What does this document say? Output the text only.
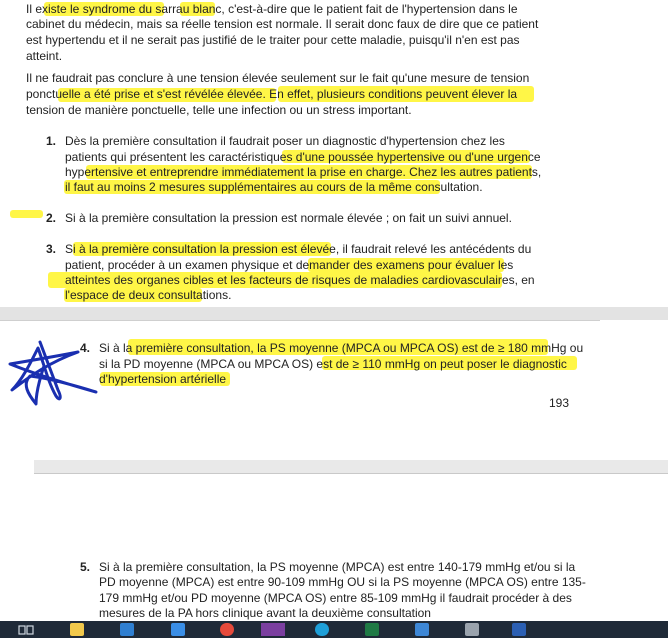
Il existe le syndrome du sarrau blanc, c'est-à-dire que le patient fait de l'hypertension dans le
cabinet du médecin, mais sa réelle tension est normale. Il serait donc faux de dire que ce patient
est hypertendu et il ne serait pas justifié de le traiter pour cette maladie, puisqu'il n'en est pas
atteint.
Il ne faudrait pas conclure à une tension élevée seulement sur le fait qu'une mesure de tension
ponctuelle a été prise et s'est révélée élevée. En effet, plusieurs conditions peuvent élever la
tension de manière ponctuelle, telle une infection ou un stress important.
1. Dès la première consultation il faudrait poser un diagnostic d'hypertension chez les
patients qui présentent les caractéristiques d'une poussée hypertensive ou d'une urgence
hypertensive et entreprendre immédiatement la prise en charge. Chez les autres patients,
il faut au moins 2 mesures supplémentaires au cours de la même consultation.
2. Si à la première consultation la pression est normale élevée ; on fait un suivi annuel.
3. Si à la première consultation la pression est élevée, il faudrait relevé les antécédents du
patient, procéder à un examen physique et demander des examens pour évaluer les
atteintes des organes cibles et les facteurs de risques de maladies cardiovasculaires, en
l'espace de deux consultations.
4. Si à la première consultation, la PS moyenne (MPCA ou MPCA OS) est de ≥ 180 mmHg ou
si la PD moyenne (MPCA ou MPCA OS) est de ≥ 110 mmHg on peut poser le diagnostic
d'hypertension artérielle
193
5. Si à la première consultation, la PS moyenne (MPCA) est entre 140-179 mmHg et/ou si la
PD moyenne (MPCA) est entre 90-109 mmHg OU si la PS moyenne (MPCA OS) entre 135-
179 mmHg et/ou PD moyenne (MPCA OS) entre 85-109 mmHg il faudrait procéder à des
mesures de la PA hors clinique avant la deuxième consultation
